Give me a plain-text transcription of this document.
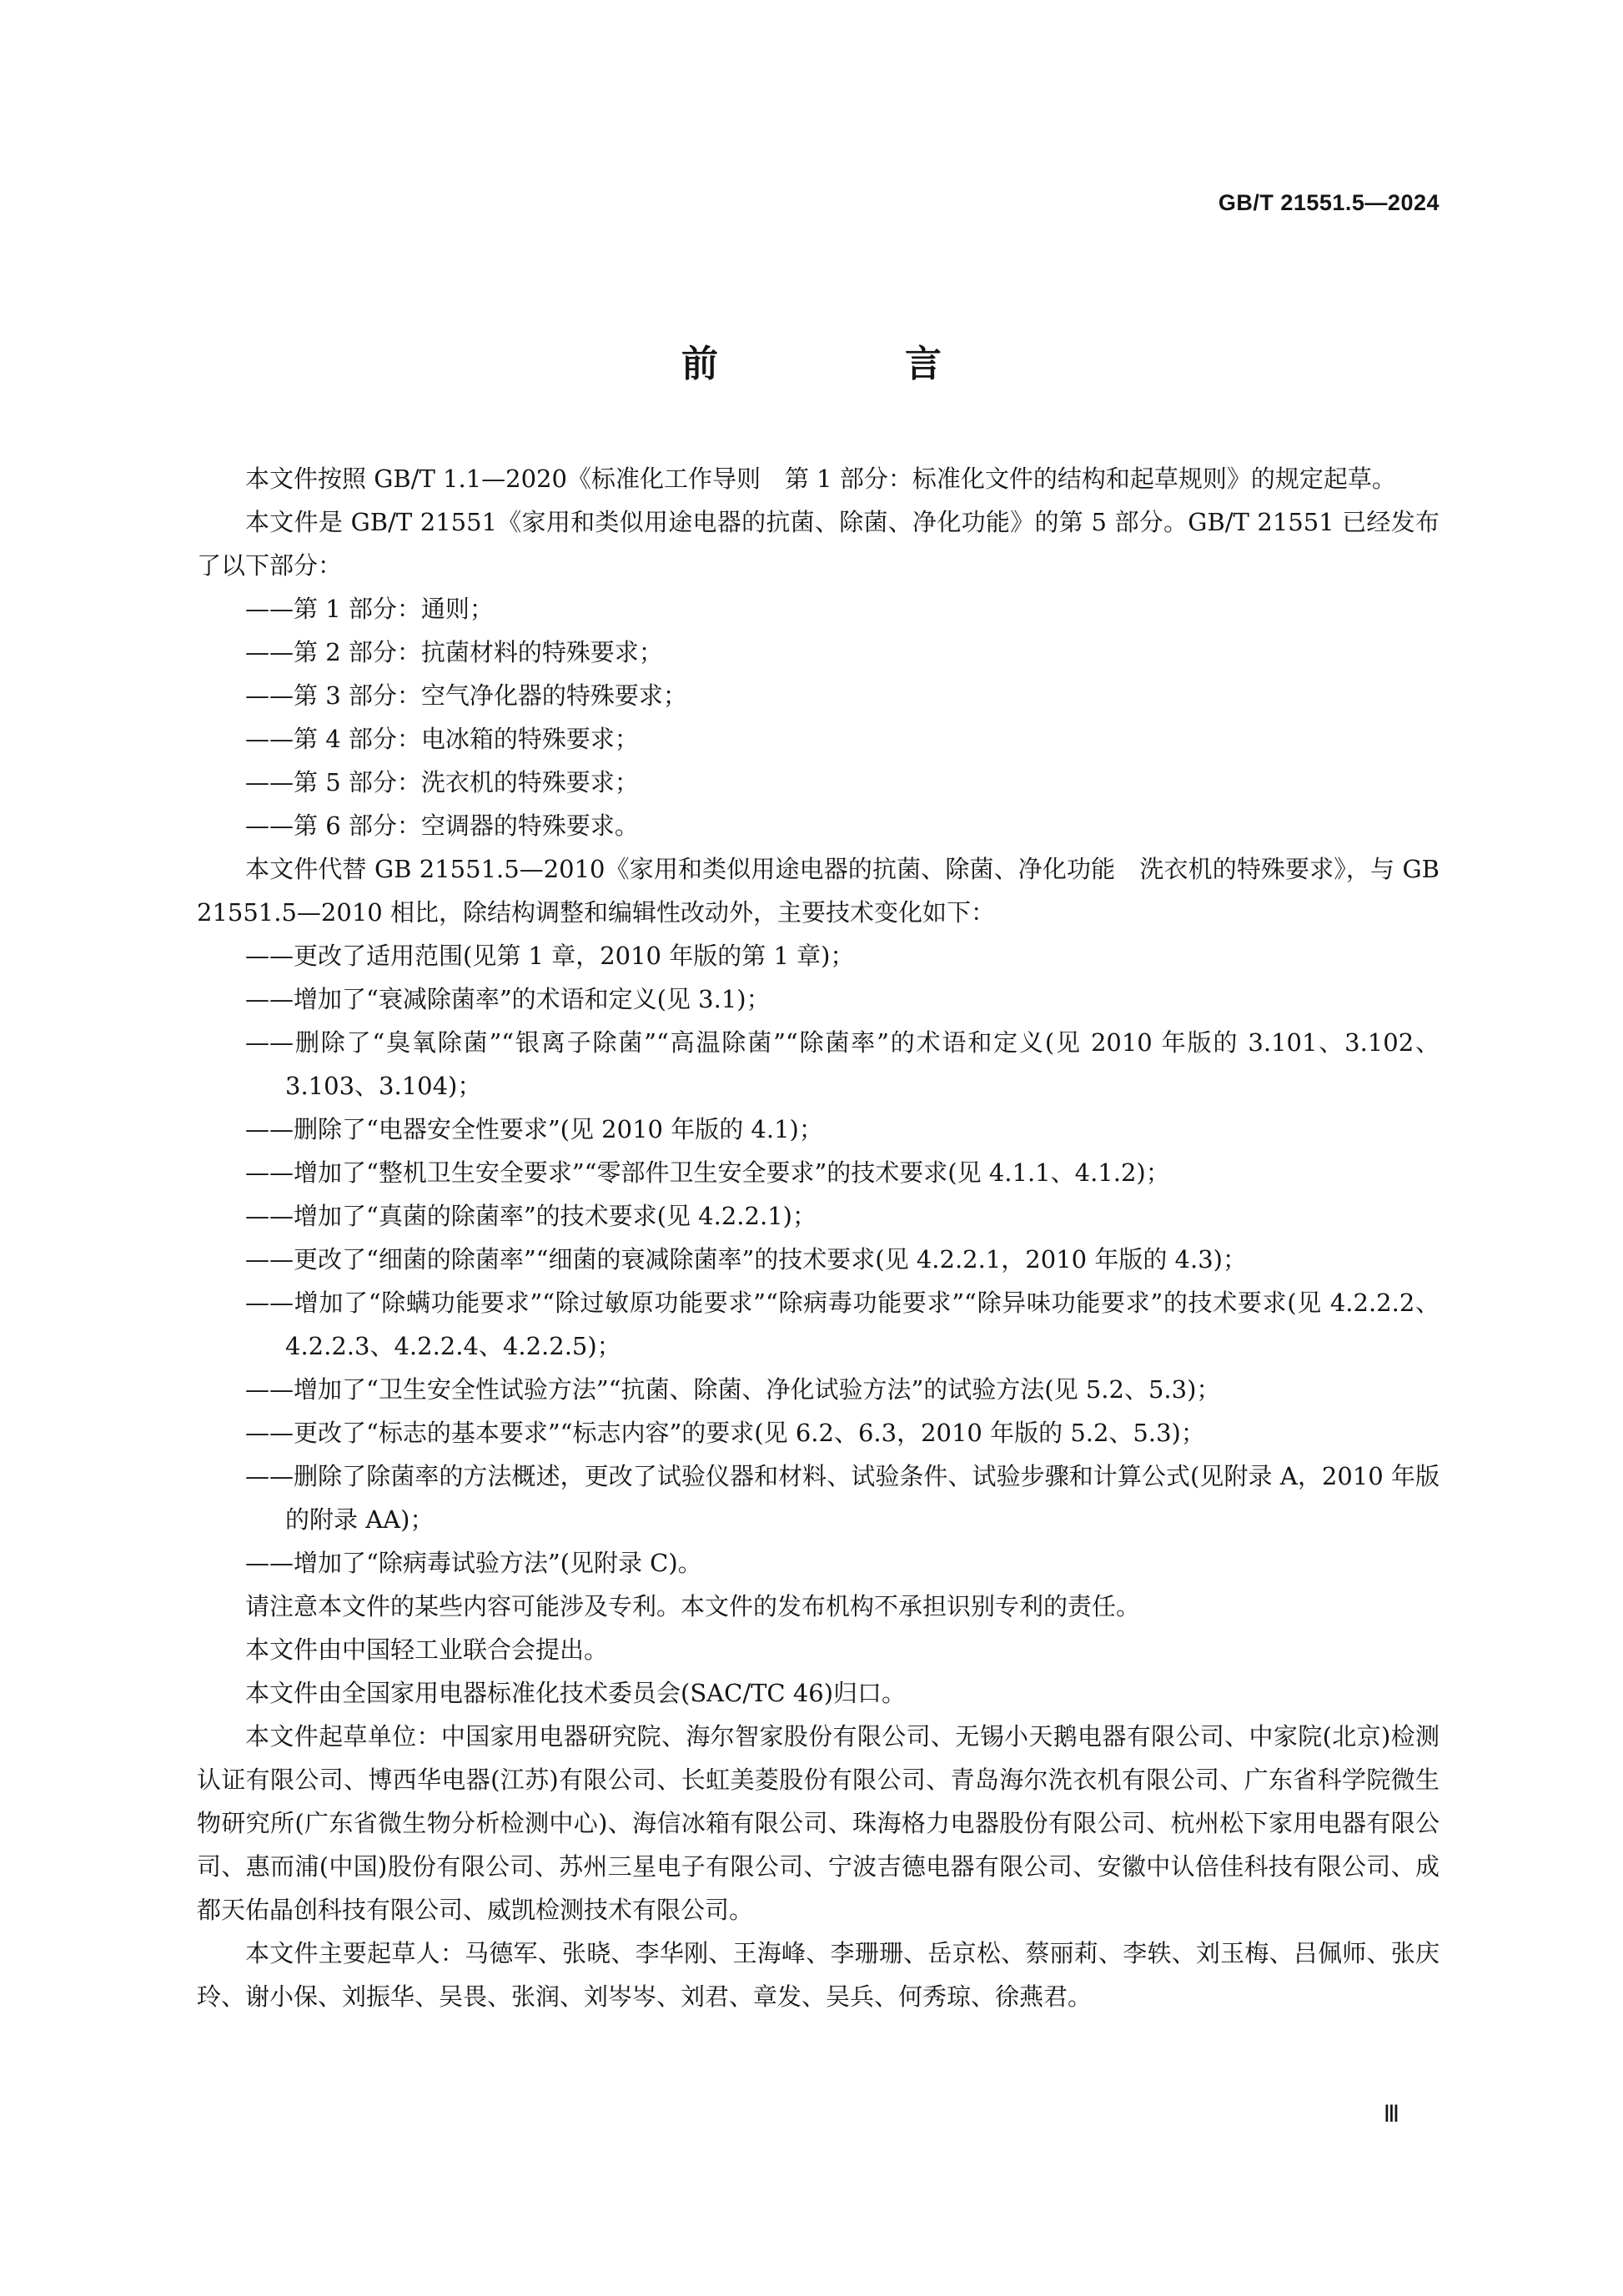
GB/T 21551.5—2024
前　言

本文件按照 GB/T 1.1—2020《标准化工作导则　第 1 部分：标准化文件的结构和起草规则》的规定起草。

本文件是 GB/T 21551《家用和类似用途电器的抗菌、除菌、净化功能》的第 5 部分。GB/T 21551 已经发布了以下部分：

——第 1 部分：通则；

——第 2 部分：抗菌材料的特殊要求；

——第 3 部分：空气净化器的特殊要求；

——第 4 部分：电冰箱的特殊要求；

——第 5 部分：洗衣机的特殊要求；

——第 6 部分：空调器的特殊要求。

本文件代替 GB 21551.5—2010《家用和类似用途电器的抗菌、除菌、净化功能　洗衣机的特殊要求》，与 GB 21551.5—2010 相比，除结构调整和编辑性改动外，主要技术变化如下：

——更改了适用范围(见第 1 章，2010 年版的第 1 章)；

——增加了“衰减除菌率”的术语和定义(见 3.1)；

——删除了“臭氧除菌”“银离子除菌”“高温除菌”“除菌率”的术语和定义(见 2010 年版的 3.101、3.102、3.103、3.104)；

——删除了“电器安全性要求”(见 2010 年版的 4.1)；

——增加了“整机卫生安全要求”“零部件卫生安全要求”的技术要求(见 4.1.1、4.1.2)；

——增加了“真菌的除菌率”的技术要求(见 4.2.2.1)；

——更改了“细菌的除菌率”“细菌的衰减除菌率”的技术要求(见 4.2.2.1，2010 年版的 4.3)；

——增加了“除螨功能要求”“除过敏原功能要求”“除病毒功能要求”“除异味功能要求”的技术要求(见 4.2.2.2、4.2.2.3、4.2.2.4、4.2.2.5)；

——增加了“卫生安全性试验方法”“抗菌、除菌、净化试验方法”的试验方法(见 5.2、5.3)；

——更改了“标志的基本要求”“标志内容”的要求(见 6.2、6.3，2010 年版的 5.2、5.3)；

——删除了除菌率的方法概述，更改了试验仪器和材料、试验条件、试验步骤和计算公式(见附录 A，2010 年版的附录 AA)；

——增加了“除病毒试验方法”(见附录 C)。

请注意本文件的某些内容可能涉及专利。本文件的发布机构不承担识别专利的责任。

本文件由中国轻工业联合会提出。

本文件由全国家用电器标准化技术委员会(SAC/TC 46)归口。

本文件起草单位：中国家用电器研究院、海尔智家股份有限公司、无锡小天鹅电器有限公司、中家院(北京)检测认证有限公司、博西华电器(江苏)有限公司、长虹美菱股份有限公司、青岛海尔洗衣机有限公司、广东省科学院微生物研究所(广东省微生物分析检测中心)、海信冰箱有限公司、珠海格力电器股份有限公司、杭州松下家用电器有限公司、惠而浦(中国)股份有限公司、苏州三星电子有限公司、宁波吉德电器有限公司、安徽中认倍佳科技有限公司、成都天佑晶创科技有限公司、威凯检测技术有限公司。

本文件主要起草人：马德军、张晓、李华刚、王海峰、李珊珊、岳京松、蔡丽莉、李轶、刘玉梅、吕佩师、张庆玲、谢小保、刘振华、吴畏、张润、刘岑岑、刘君、章发、吴兵、何秀琼、徐燕君。

Ⅲ
